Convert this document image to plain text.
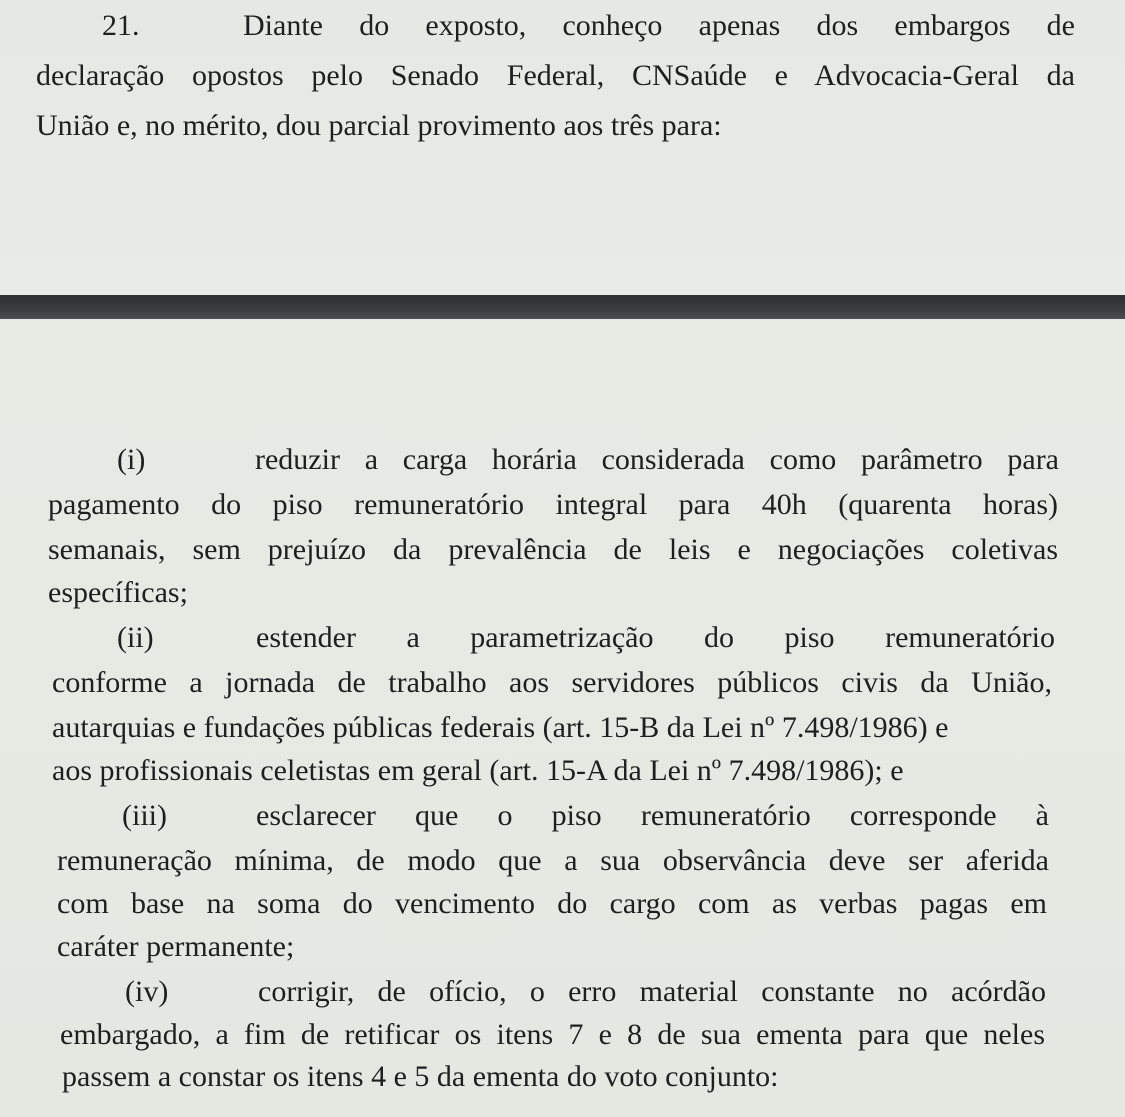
21.	Diante do exposto, conheço apenas dos embargos de
declaração opostos pelo Senado Federal, CNSaúde e Advocacia-Geral da
União e, no mérito, dou parcial provimento aos três para:
(i)	reduzir a carga horária considerada como parâmetro para
pagamento do piso remuneratório integral para 40h (quarenta horas)
semanais, sem prejuízo da prevalência de leis e negociações coletivas
específicas;
(ii)	estender a parametrização do piso remuneratório
conforme a jornada de trabalho aos servidores públicos civis da União,
autarquias e fundações públicas federais (art. 15-B da Lei nº 7.498/1986) e
aos profissionais celetistas em geral (art. 15-A da Lei nº 7.498/1986); e
(iii)	esclarecer que o piso remuneratório corresponde à
remuneração mínima, de modo que a sua observância deve ser aferida
com base na soma do vencimento do cargo com as verbas pagas em
caráter permanente;
(iv)	corrigir, de ofício, o erro material constante no acórdão
embargado, a fim de retificar os itens 7 e 8 de sua ementa para que neles
passem a constar os itens 4 e 5 da ementa do voto conjunto:
